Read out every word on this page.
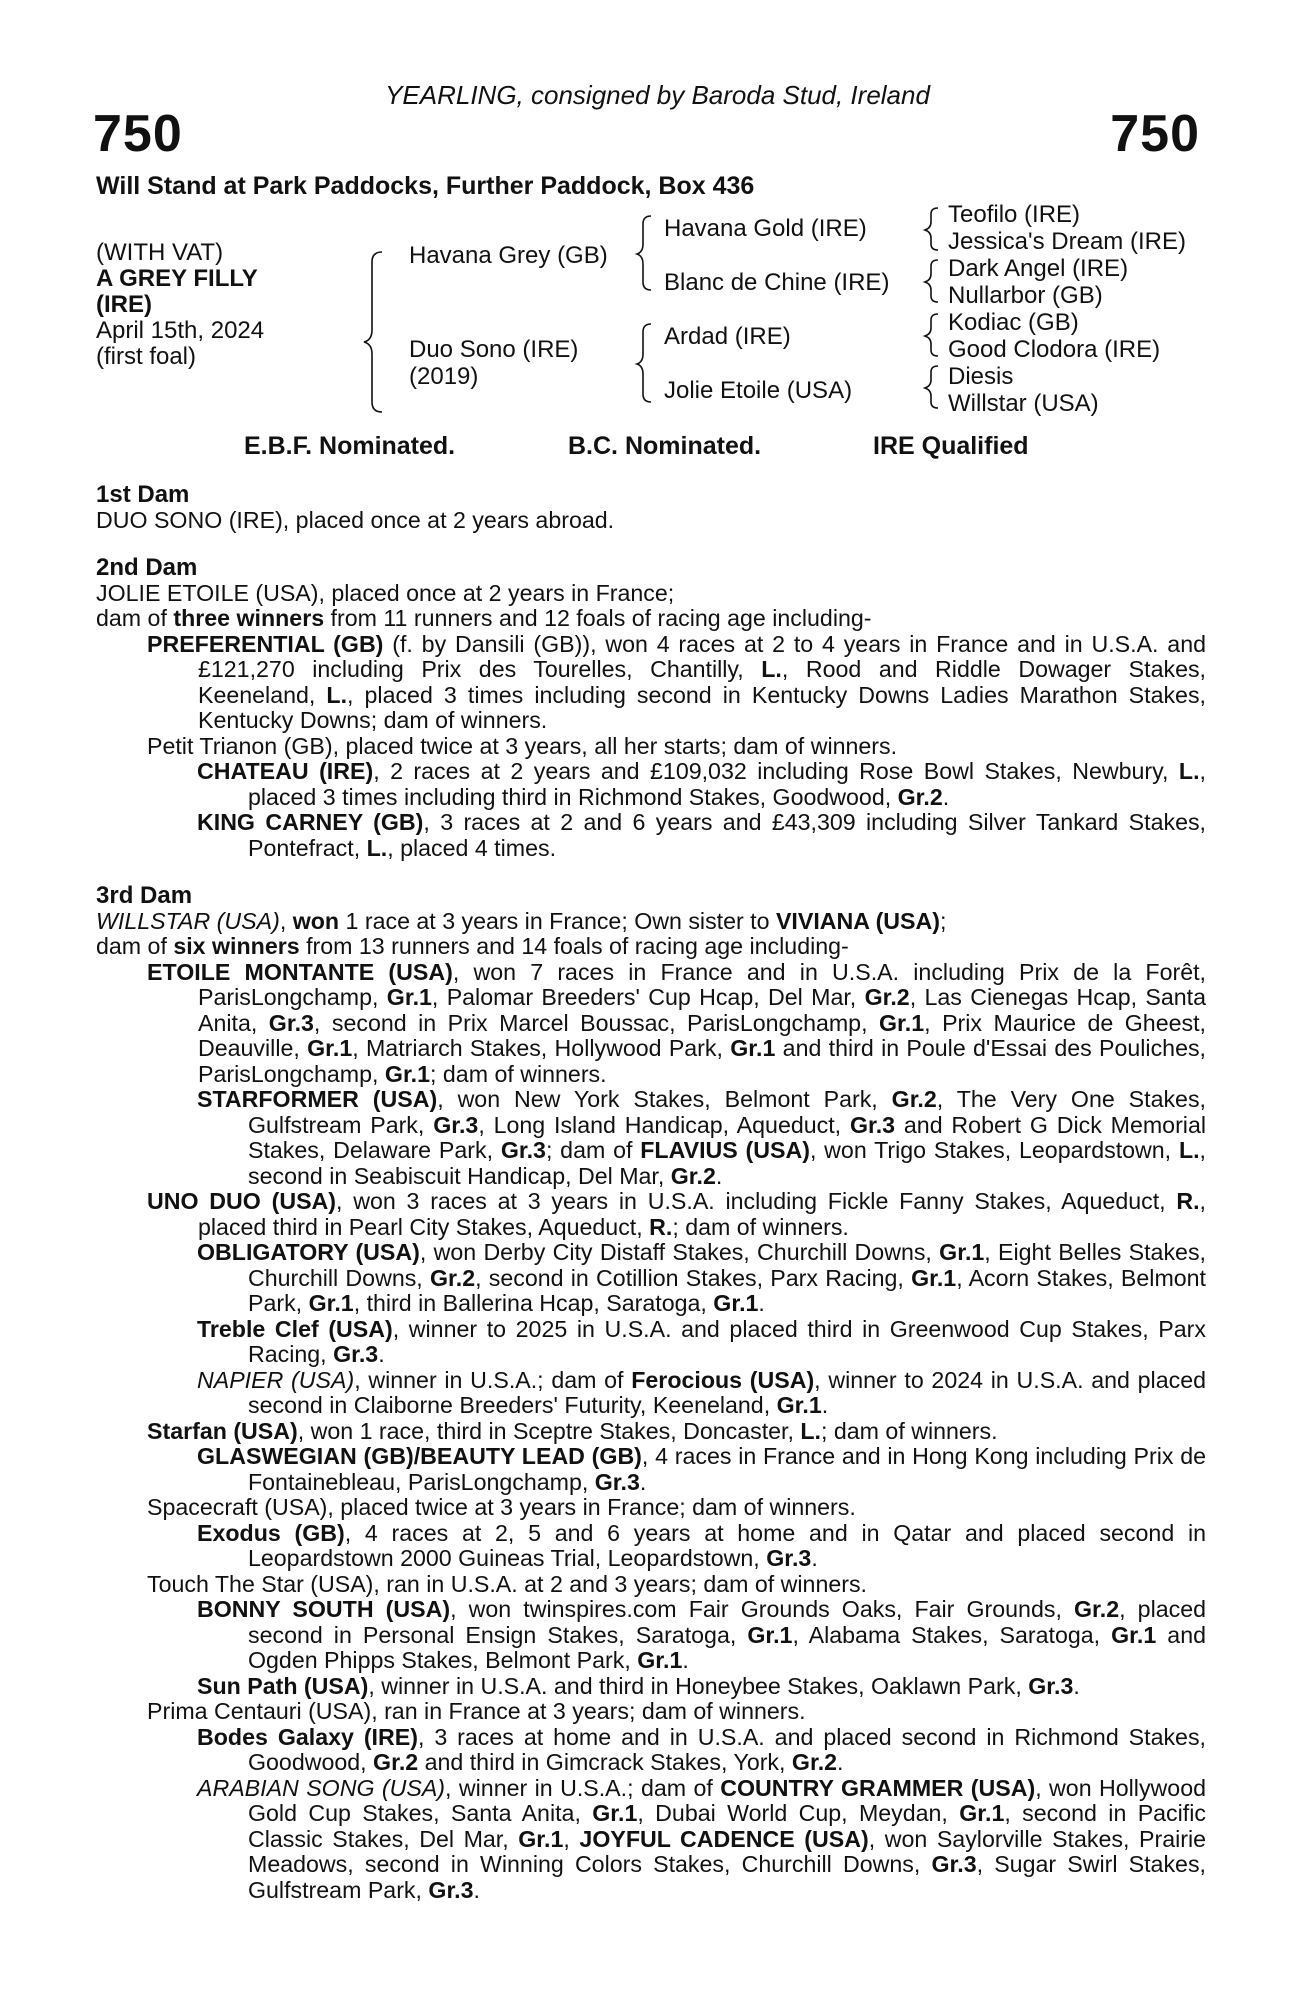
YEARLING, consigned by Baroda Stud, Ireland
750	750
Will Stand at Park Paddocks, Further Paddock, Box 436
(WITH VAT)
A GREY FILLY
(IRE)
April 15th, 2024
(first foal)
Havana Grey (GB)
Duo Sono (IRE)
(2019)
Havana Gold (IRE)
Blanc de Chine (IRE)
Ardad (IRE)
Jolie Etoile (USA)
Teofilo (IRE)
Jessica's Dream (IRE)
Dark Angel (IRE)
Nullarbor (GB)
Kodiac (GB)
Good Clodora (IRE)
Diesis
Willstar (USA)
E.B.F. Nominated.	B.C. Nominated.	IRE Qualified
1st Dam

DUO SONO (IRE), placed once at 2 years abroad.

2nd Dam

JOLIE ETOILE (USA), placed once at 2 years in France;

dam of three winners from 11 runners and 12 foals of racing age including-

PREFERENTIAL (GB) (f. by Dansili (GB)), won 4 races at 2 to 4 years in France and in U.S.A. and £121,270 including Prix des Tourelles, Chantilly, L., Rood and Riddle Dowager Stakes, Keeneland, L., placed 3 times including second in Kentucky Downs Ladies Marathon Stakes, Kentucky Downs; dam of winners.

Petit Trianon (GB), placed twice at 3 years, all her starts; dam of winners.

CHATEAU (IRE), 2 races at 2 years and £109,032 including Rose Bowl Stakes, Newbury, L., placed 3 times including third in Richmond Stakes, Goodwood, Gr.2.

KING CARNEY (GB), 3 races at 2 and 6 years and £43,309 including Silver Tankard Stakes, Pontefract, L., placed 4 times.

3rd Dam

WILLSTAR (USA), won 1 race at 3 years in France; Own sister to VIVIANA (USA);

dam of six winners from 13 runners and 14 foals of racing age including-

ETOILE MONTANTE (USA), won 7 races in France and in U.S.A. including Prix de la Forêt, ParisLongchamp, Gr.1, Palomar Breeders' Cup Hcap, Del Mar, Gr.2, Las Cienegas Hcap, Santa Anita, Gr.3, second in Prix Marcel Boussac, ParisLongchamp, Gr.1, Prix Maurice de Gheest, Deauville, Gr.1, Matriarch Stakes, Hollywood Park, Gr.1 and third in Poule d'Essai des Pouliches, ParisLongchamp, Gr.1; dam of winners.

STARFORMER (USA), won New York Stakes, Belmont Park, Gr.2, The Very One Stakes, Gulfstream Park, Gr.3, Long Island Handicap, Aqueduct, Gr.3 and Robert G Dick Memorial Stakes, Delaware Park, Gr.3; dam of FLAVIUS (USA), won Trigo Stakes, Leopardstown, L., second in Seabiscuit Handicap, Del Mar, Gr.2.

UNO DUO (USA), won 3 races at 3 years in U.S.A. including Fickle Fanny Stakes, Aqueduct, R., placed third in Pearl City Stakes, Aqueduct, R.; dam of winners.

OBLIGATORY (USA), won Derby City Distaff Stakes, Churchill Downs, Gr.1, Eight Belles Stakes, Churchill Downs, Gr.2, second in Cotillion Stakes, Parx Racing, Gr.1, Acorn Stakes, Belmont Park, Gr.1, third in Ballerina Hcap, Saratoga, Gr.1.

Treble Clef (USA), winner to 2025 in U.S.A. and placed third in Greenwood Cup Stakes, Parx Racing, Gr.3.

NAPIER (USA), winner in U.S.A.; dam of Ferocious (USA), winner to 2024 in U.S.A. and placed second in Claiborne Breeders' Futurity, Keeneland, Gr.1.

Starfan (USA), won 1 race, third in Sceptre Stakes, Doncaster, L.; dam of winners.

GLASWEGIAN (GB)/BEAUTY LEAD (GB), 4 races in France and in Hong Kong including Prix de Fontainebleau, ParisLongchamp, Gr.3.

Spacecraft (USA), placed twice at 3 years in France; dam of winners.

Exodus (GB), 4 races at 2, 5 and 6 years at home and in Qatar and placed second in Leopardstown 2000 Guineas Trial, Leopardstown, Gr.3.

Touch The Star (USA), ran in U.S.A. at 2 and 3 years; dam of winners.

BONNY SOUTH (USA), won twinspires.com Fair Grounds Oaks, Fair Grounds, Gr.2, placed second in Personal Ensign Stakes, Saratoga, Gr.1, Alabama Stakes, Saratoga, Gr.1 and Ogden Phipps Stakes, Belmont Park, Gr.1.

Sun Path (USA), winner in U.S.A. and third in Honeybee Stakes, Oaklawn Park, Gr.3.

Prima Centauri (USA), ran in France at 3 years; dam of winners.

Bodes Galaxy (IRE), 3 races at home and in U.S.A. and placed second in Richmond Stakes, Goodwood, Gr.2 and third in Gimcrack Stakes, York, Gr.2.

ARABIAN SONG (USA), winner in U.S.A.; dam of COUNTRY GRAMMER (USA), won Hollywood Gold Cup Stakes, Santa Anita, Gr.1, Dubai World Cup, Meydan, Gr.1, second in Pacific Classic Stakes, Del Mar, Gr.1, JOYFUL CADENCE (USA), won Saylorville Stakes, Prairie Meadows, second in Winning Colors Stakes, Churchill Downs, Gr.3, Sugar Swirl Stakes, Gulfstream Park, Gr.3.
